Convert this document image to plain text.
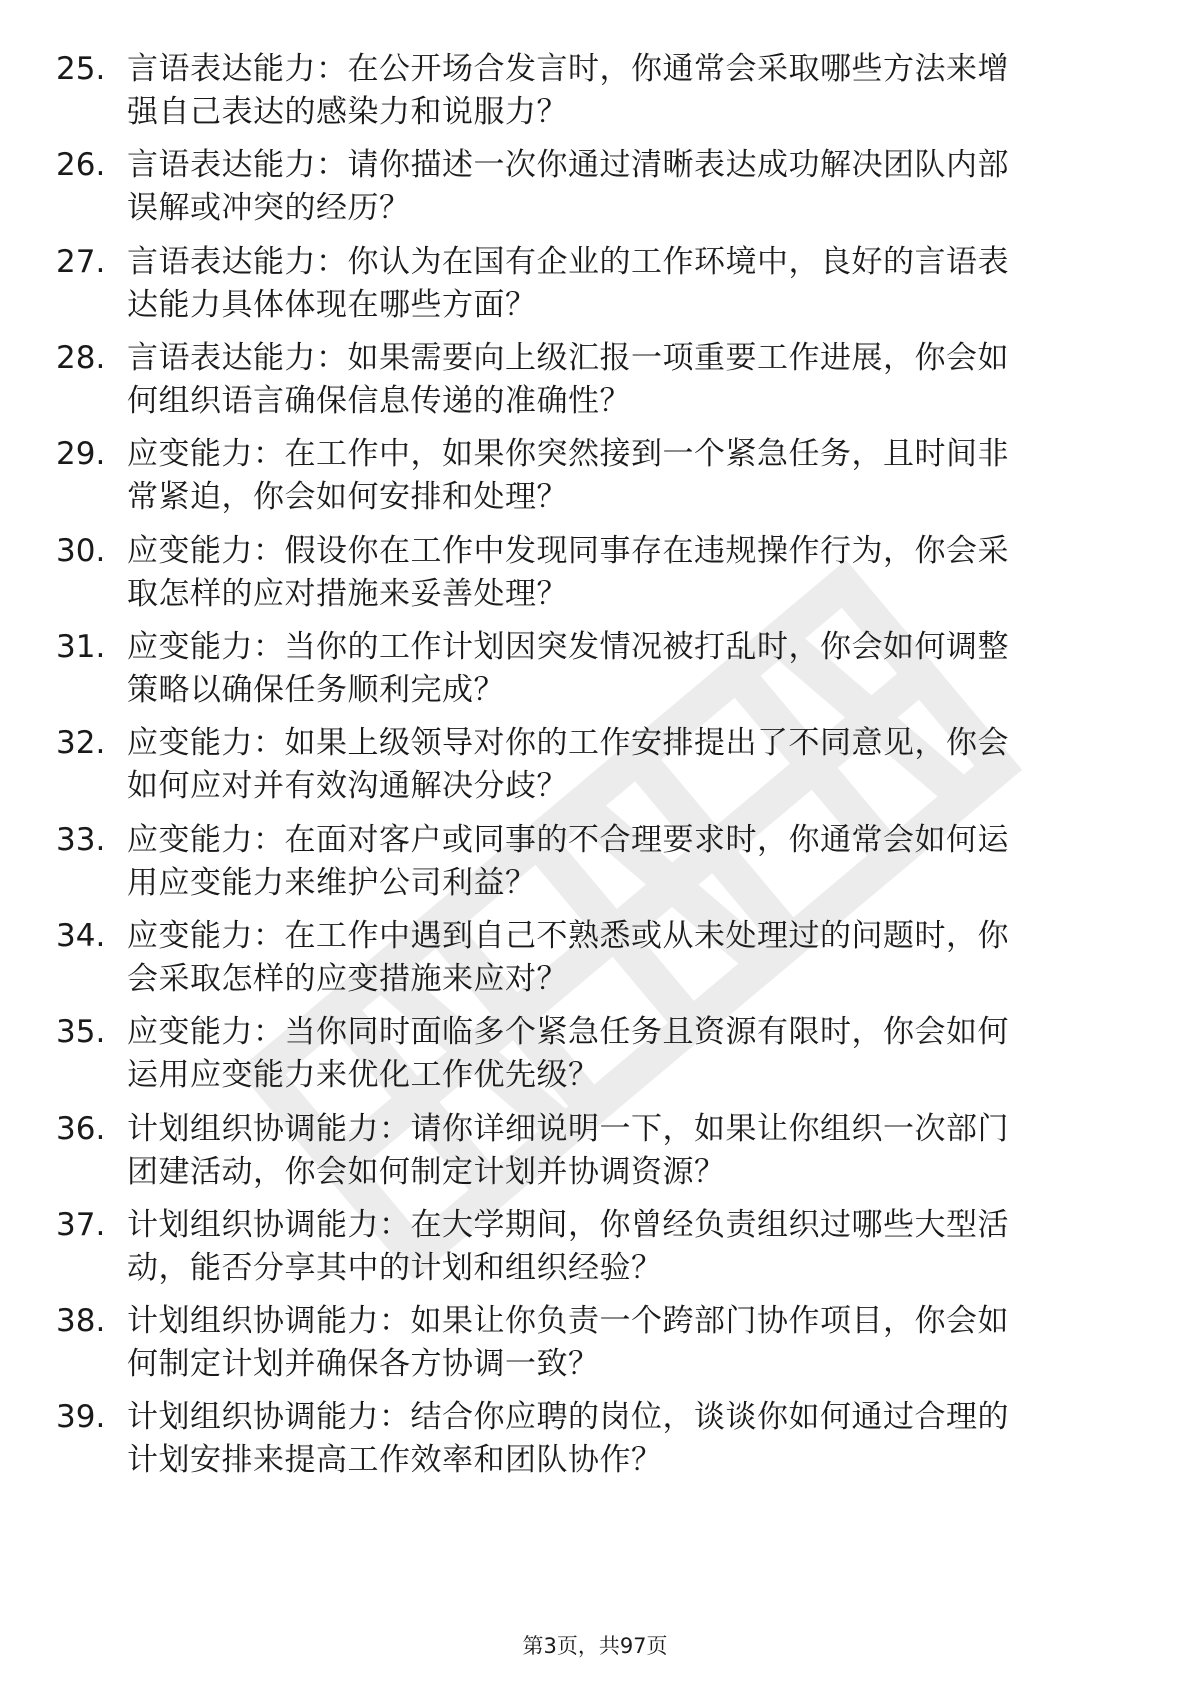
25. 言语表达能力：在公开场合发言时，你通常会采取哪些方法来增
强自己表达的感染力和说服力？
26. 言语表达能力：请你描述一次你通过清晰表达成功解决团队内部
误解或冲突的经历？
27. 言语表达能力：你认为在国有企业的工作环境中，良好的言语表
达能力具体体现在哪些方面？
28. 言语表达能力：如果需要向上级汇报一项重要工作进展，你会如
何组织语言确保信息传递的准确性？
29. 应变能力：在工作中，如果你突然接到一个紧急任务，且时间非
常紧迫，你会如何安排和处理？
30. 应变能力：假设你在工作中发现同事存在违规操作行为，你会采
取怎样的应对措施来妥善处理？
31. 应变能力：当你的工作计划因突发情况被打乱时，你会如何调整
策略以确保任务顺利完成？
32. 应变能力：如果上级领导对你的工作安排提出了不同意见，你会
如何应对并有效沟通解决分歧？
33. 应变能力：在面对客户或同事的不合理要求时，你通常会如何运
用应变能力来维护公司利益？
34. 应变能力：在工作中遇到自己不熟悉或从未处理过的问题时，你
会采取怎样的应变措施来应对？
35. 应变能力：当你同时面临多个紧急任务且资源有限时，你会如何
运用应变能力来优化工作优先级？
36. 计划组织协调能力：请你详细说明一下，如果让你组织一次部门
团建活动，你会如何制定计划并协调资源？
37. 计划组织协调能力：在大学期间，你曾经负责组织过哪些大型活
动，能否分享其中的计划和组织经验？
38. 计划组织协调能力：如果让你负责一个跨部门协作项目，你会如
何制定计划并确保各方协调一致？
39. 计划组织协调能力：结合你应聘的岗位，谈谈你如何通过合理的
计划安排来提高工作效率和团队协作？
第3页，共97页
